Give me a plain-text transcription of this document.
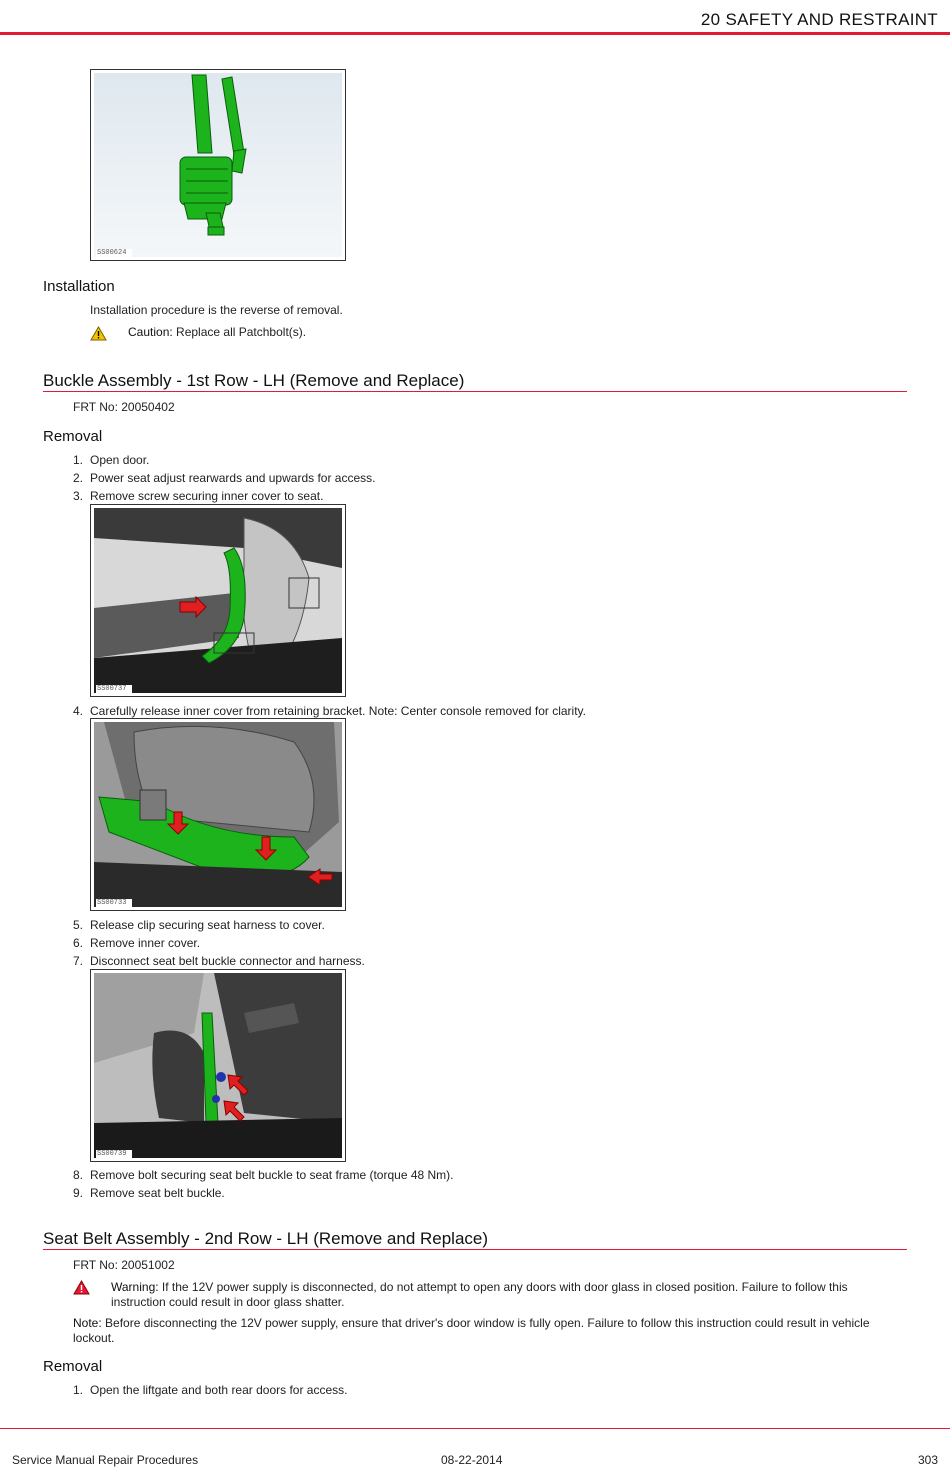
20 SAFETY AND RESTRAINT
SS00624
Installation
Installation procedure is the reverse of removal.
Caution: Replace all Patchbolt(s).
Buckle Assembly - 1st Row - LH (Remove and Replace)
FRT No: 20050402
Removal
1. Open door.
2. Power seat adjust rearwards and upwards for access.
3. Remove screw securing inner cover to seat.
SS00737
4. Carefully release inner cover from retaining bracket. Note: Center console removed for clarity.
SS00733
5. Release clip securing seat harness to cover.
6. Remove inner cover.
7. Disconnect seat belt buckle connector and harness.
SS00739
8. Remove bolt securing seat belt buckle to seat frame (torque 48 Nm).
9. Remove seat belt buckle.
Seat Belt Assembly - 2nd Row - LH (Remove and Replace)
FRT No: 20051002
Warning: If the 12V power supply is disconnected, do not attempt to open any doors with door glass in closed position. Failure to follow this instruction could result in door glass shatter.
Note: Before disconnecting the 12V power supply, ensure that driver's door window is fully open. Failure to follow this instruction could result in vehicle lockout.
Removal
1. Open the liftgate and both rear doors for access.
Service Manual Repair Procedures	08-22-2014	303
